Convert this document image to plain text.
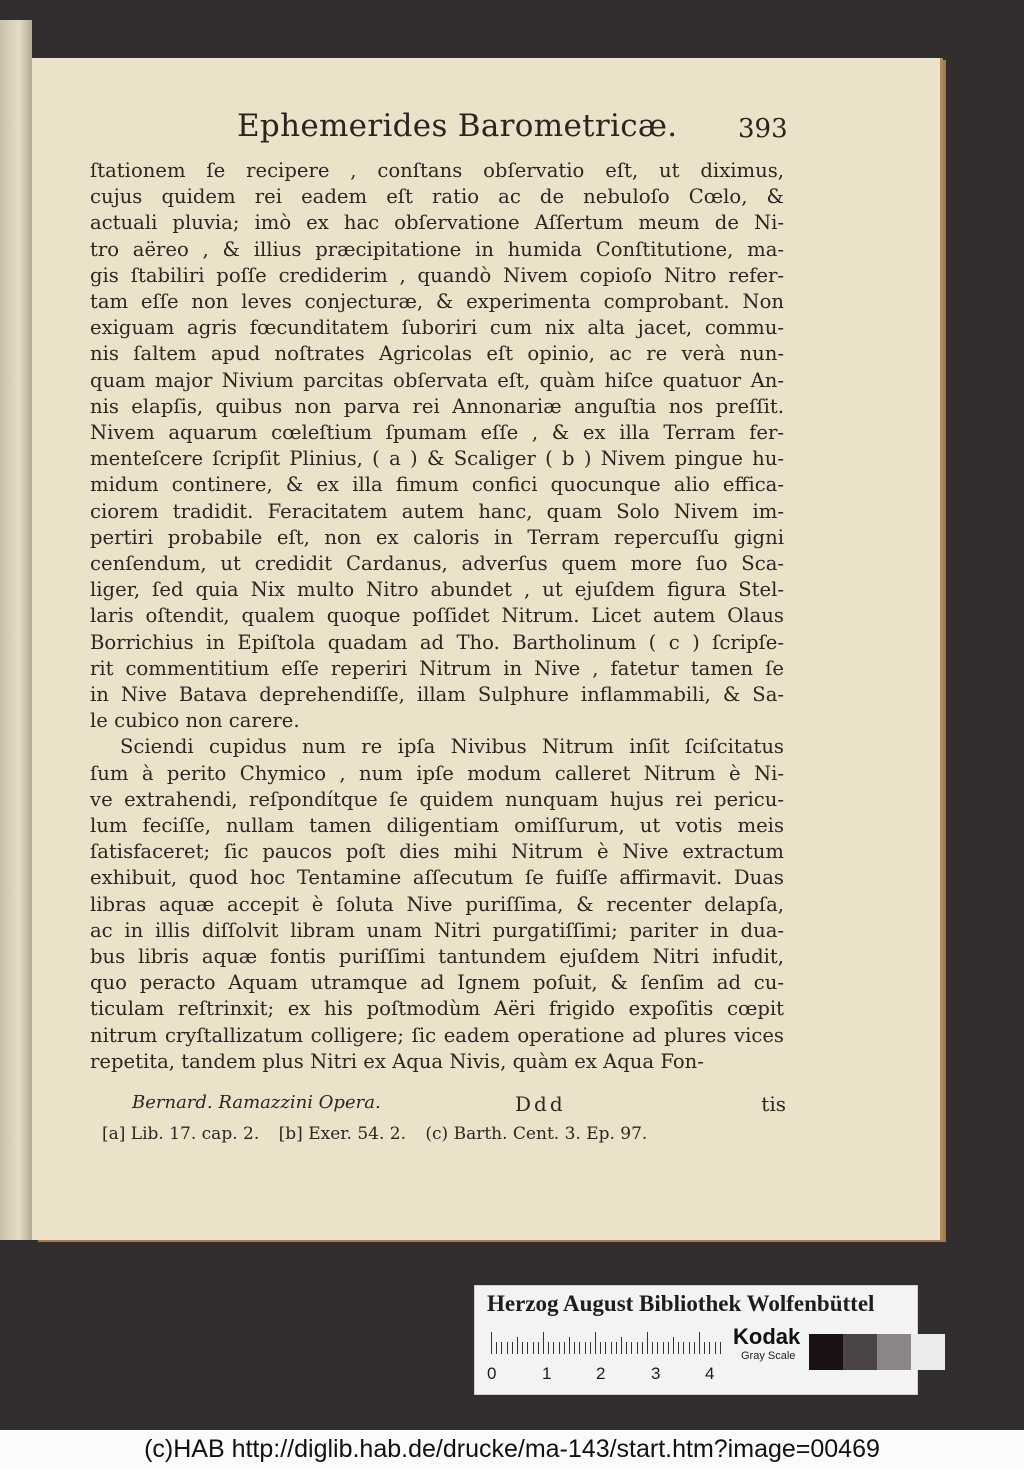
Ephemerides Barometricæ. 393
ſtationem ſe recipere , conſtans obſervatio eſt, ut diximus,
cujus quidem rei eadem eſt ratio ac de nebuloſo Cœlo, &
actuali pluvia; imò ex hac obſervatione Aſſertum meum de Ni-
tro aëreo , & illius præcipitatione in humida Conſtitutione, ma-
gis ſtabiliri poſſe crediderim , quandò Nivem copioſo Nitro refer-
tam eſſe non leves conjecturæ, & experimenta comprobant. Non
exiguam agris fœcunditatem ſuboriri cum nix alta jacet, commu-
nis ſaltem apud noſtrates Agricolas eſt opinio, ac re verà nun-
quam major Nivium parcitas obſervata eſt, quàm hiſce quatuor An-
nis elapſis, quibus non parva rei Annonariæ anguſtia nos preſſit.
Nivem aquarum cœleſtium ſpumam eſſe , & ex illa Terram fer-
menteſcere ſcripſit Plinius, ( a ) & Scaliger ( b ) Nivem pingue hu-
midum continere, & ex illa fimum confici quocunque alio effica-
ciorem tradidit. Feracitatem autem hanc, quam Solo Nivem im-
pertiri probabile eſt, non ex caloris in Terram repercuſſu gigni
cenſendum, ut credidit Cardanus, adverſus quem more ſuo Sca-
liger, ſed quia Nix multo Nitro abundet , ut ejuſdem figura Stel-
laris oſtendit, qualem quoque poſſidet Nitrum. Licet autem Olaus
Borrichius in Epiſtola quadam ad Tho. Bartholinum ( c ) ſcripſe-
rit commentitium eſſe reperiri Nitrum in Nive , fatetur tamen ſe
in Nive Batava deprehendiſſe, illam Sulphure inflammabili, & Sa-
le cubico non carere.
Sciendi cupidus num re ipſa Nivibus Nitrum inſit ſciſcitatus
ſum à perito Chymico , num ipſe modum calleret Nitrum è Ni-
ve extrahendi, reſpondítque ſe quidem nunquam hujus rei pericu-
lum feciſſe, nullam tamen diligentiam omiſſurum, ut votis meis
ſatisfaceret; ſic paucos poſt dies mihi Nitrum è Nive extractum
exhibuit, quod hoc Tentamine aſſecutum ſe fuiſſe affirmavit. Duas
libras aquæ accepit è ſoluta Nive puriſſima, & recenter delapſa,
ac in illis diſſolvit libram unam Nitri purgatiſſimi; pariter in dua-
bus libris aquæ fontis puriſſimi tantundem ejuſdem Nitri infudit,
quo peracto Aquam utramque ad Ignem poſuit, & ſenſim ad cu-
ticulam reſtrinxit; ex his poſtmodùm Aëri frigido expoſitis cœpit
nitrum cryſtallizatum colligere; ſic eadem operatione ad plures vices
repetita, tandem plus Nitri ex Aqua Nivis, quàm ex Aqua Fon-
Bernard. Ramazzini Opera.	Ddd	tis
[a] Lib. 17. cap. 2. [b] Exer. 54. 2. (c) Barth. Cent. 3. Ep. 97.
Herzog August Bibliothek Wolfenbüttel
0	1	2	3	4
Kodak
Gray Scale
(c)HAB http://diglib.hab.de/drucke/ma-143/start.htm?image=00469
